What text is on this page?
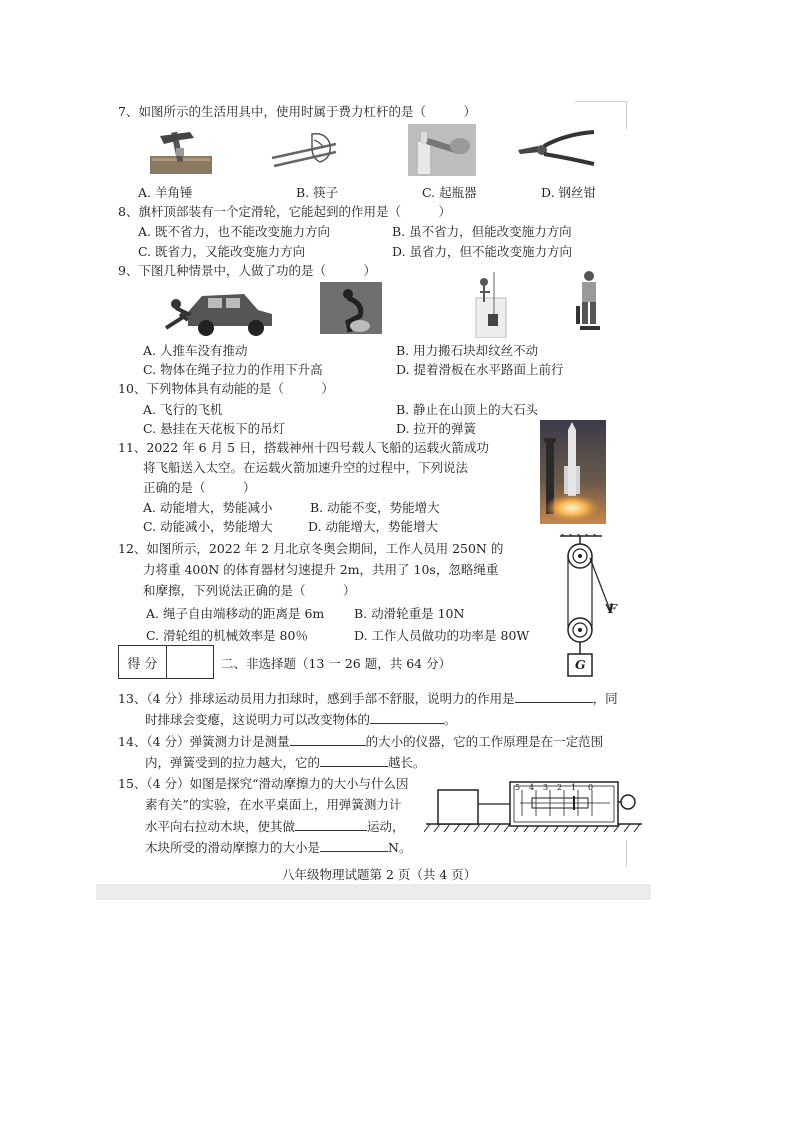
7、如图所示的生活用具中，使用时属于费力杠杆的是（　　　）
A. 羊角锤	B. 筷子	C. 起瓶器	D. 钢丝钳
8、旗杆顶部装有一个定滑轮，它能起到的作用是（　　　）
A. 既不省力，也不能改变施力方向	B. 虽不省力，但能改变施力方向
C. 既省力，又能改变施力方向	D. 虽省力，但不能改变施力方向
9、下图几种情景中，人做了功的是（　　　）
A. 人推车没有推动	B. 用力搬石块却纹丝不动
C. 物体在绳子拉力的作用下升高	D. 提着滑板在水平路面上前行
10、下列物体具有动能的是（　　　）
A. 飞行的飞机	B. 静止在山顶上的大石头
C. 悬挂在天花板下的吊灯	D. 拉开的弹簧
11、2022 年 6 月 5 日，搭载神州十四号载人飞船的运载火箭成功
将飞船送入太空。在运载火箭加速升空的过程中，下列说法
正确的是（　　　）
A. 动能增大，势能减小	B. 动能不变，势能增大
C. 动能减小，势能增大	D. 动能增大，势能增大
12、如图所示，2022 年 2 月北京冬奥会期间，工作人员用 250N 的
力将重 400N 的体育器材匀速提升 2m，共用了 10s，忽略绳重
和摩擦，下列说法正确的是（　　　）
A. 绳子自由端移动的距离是 6m B. 动滑轮重是 10N
C. 滑轮组的机械效率是 80％	D. 工作人员做功的功率是 80W
F
G
得 分	二、非选择题（13 一 26 题，共 64 分）
13、（4 分）排球运动员用力扣球时，感到手部不舒服，说明力的作用是	，同
时排球会变瘪，这说明力可以改变物体的	。
14、（4 分）弹簧测力计是测量	的大小的仪器，它的工作原理是在一定范围
内，弹簧受到的拉力越大，它的	越长。
15、（4 分）如图是探究“滑动摩擦力的大小与什么因
素有关”的实验，在水平桌面上，用弹簧测力计
水平向右拉动木块，使其做	运动，
木块所受的滑动摩擦力的大小是	N。
5 4 3 2 1 0
八年级物理试题第 2 页（共 4 页）
